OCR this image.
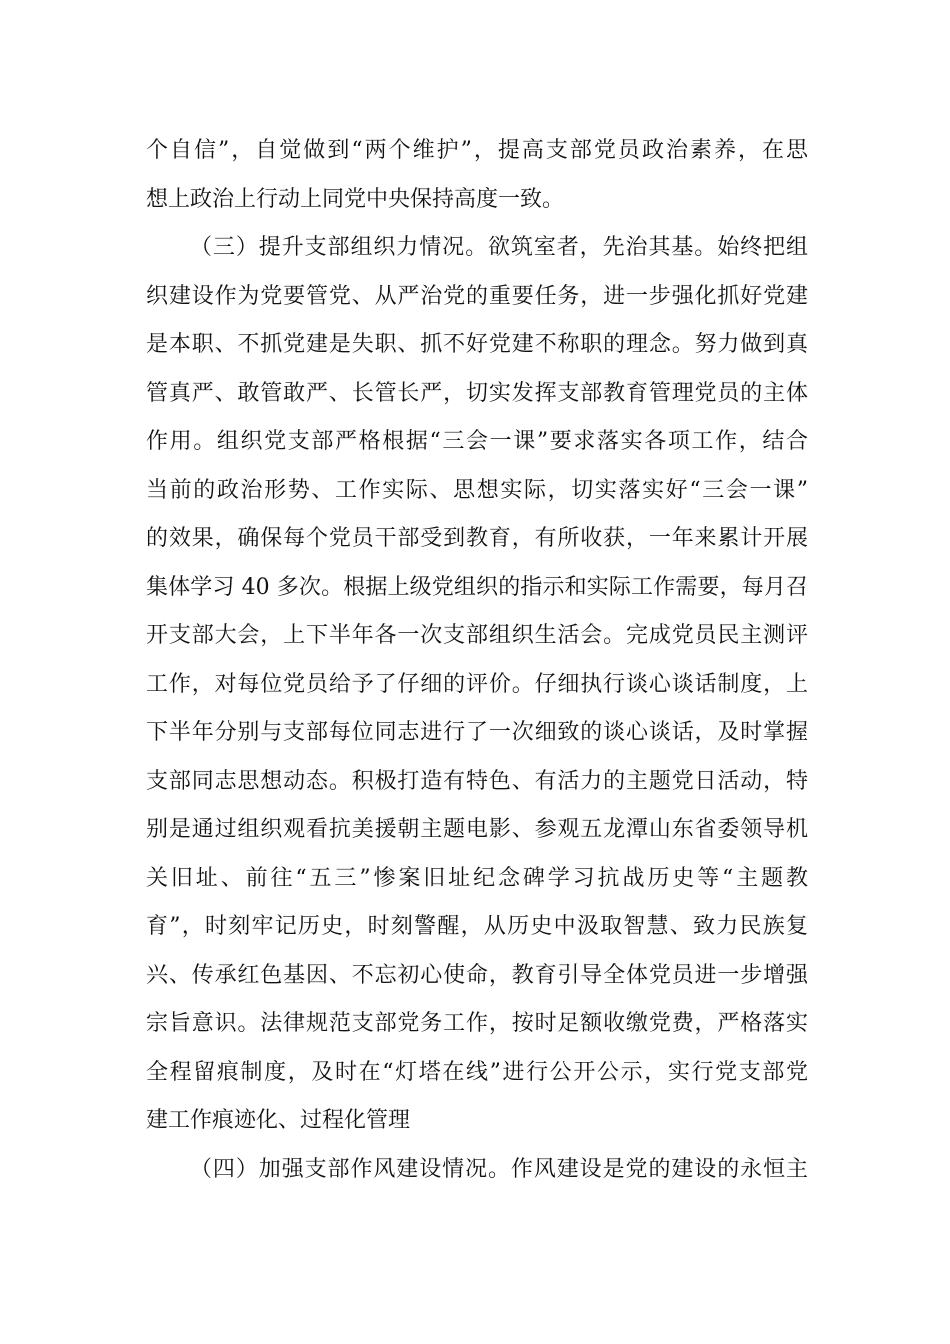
个自信”，自觉做到“两个维护”，提高支部党员政治素养，在思
想上政治上行动上同党中央保持高度一致。
（三）提升支部组织力情况。欲筑室者，先治其基。始终把组
织建设作为党要管党、从严治党的重要任务，进一步强化抓好党建
是本职、不抓党建是失职、抓不好党建不称职的理念。努力做到真
管真严、敢管敢严、长管长严，切实发挥支部教育管理党员的主体
作用。组织党支部严格根据“三会一课”要求落实各项工作，结合
当前的政治形势、工作实际、思想实际，切实落实好“三会一课”
的效果，确保每个党员干部受到教育，有所收获，一年来累计开展
集体学习 40 多次。根据上级党组织的指示和实际工作需要，每月召
开支部大会，上下半年各一次支部组织生活会。完成党员民主测评
工作，对每位党员给予了仔细的评价。仔细执行谈心谈话制度，上
下半年分别与支部每位同志进行了一次细致的谈心谈话，及时掌握
支部同志思想动态。积极打造有特色、有活力的主题党日活动，特
别是通过组织观看抗美援朝主题电影、参观五龙潭山东省委领导机
关旧址、前往“五三”惨案旧址纪念碑学习抗战历史等“主题教
育”，时刻牢记历史，时刻警醒，从历史中汲取智慧、致力民族复
兴、传承红色基因、不忘初心使命，教育引导全体党员进一步增强
宗旨意识。法律规范支部党务工作，按时足额收缴党费，严格落实
全程留痕制度，及时在“灯塔在线”进行公开公示，实行党支部党
建工作痕迹化、过程化管理
（四）加强支部作风建设情况。作风建设是党的建设的永恒主
